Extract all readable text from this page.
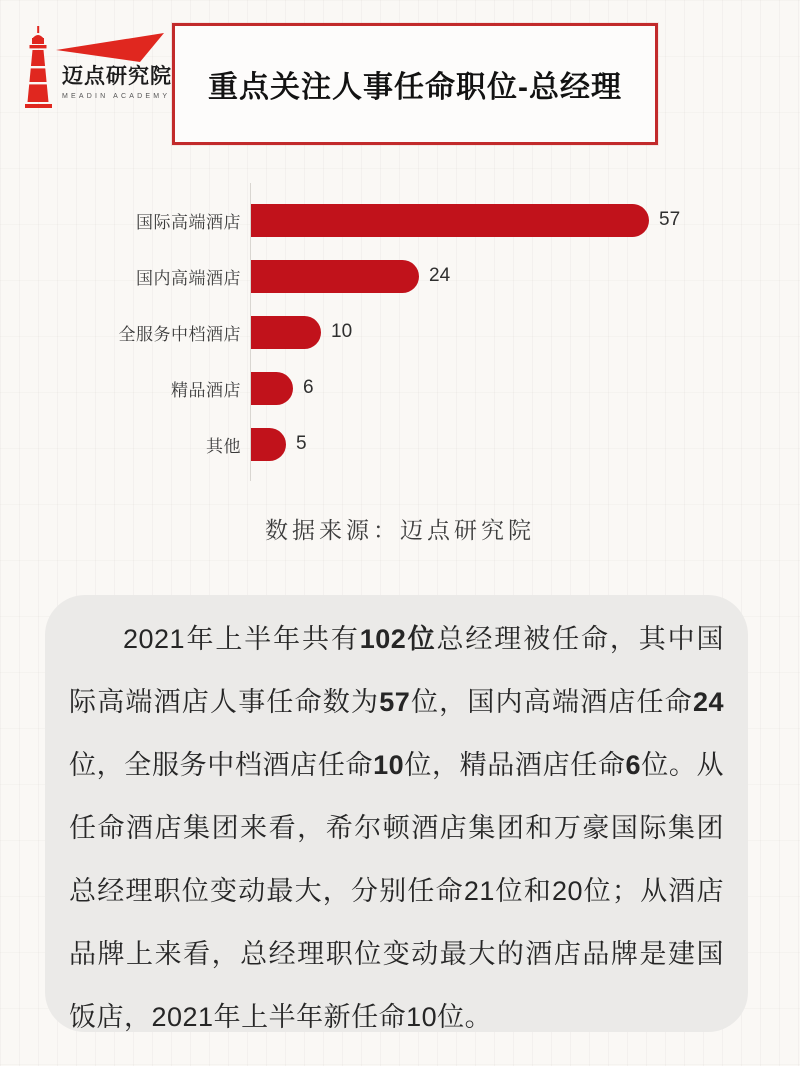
迈点研究院
MEADIN ACADEMY 重点关注人事任命职位-总经理
国际高端酒店	57
国内高端酒店	24
全服务中档酒店	10
精品酒店	6
其他	5
数据来源：迈点研究院

2021年上半年共有102位总经理被任命，其中国际高端酒店人事任命数为57位，国内高端酒店任命24位，全服务中档酒店任命10位，精品酒店任命6位。从任命酒店集团来看，希尔顿酒店集团和万豪国际集团总经理职位变动最大，分别任命21位和20位；从酒店品牌上来看，总经理职位变动最大的酒店品牌是建国饭店，2021年上半年新任命10位。
